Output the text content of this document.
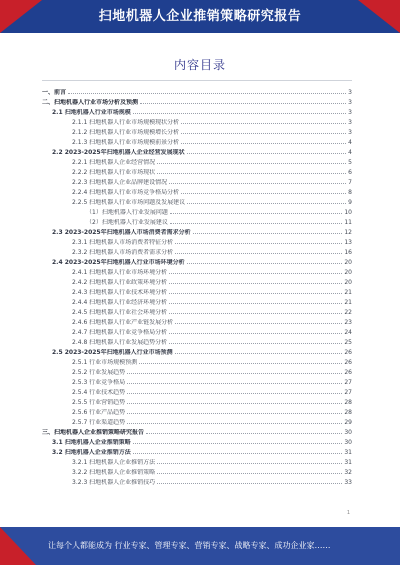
扫地机器人企业推销策略研究报告
内容目录
一、前言	3
二、扫地机器人行业市场分析及预测	3
2.1 扫地机器人行业市场规模	3
2.1.1 扫地机器人行业市场规模现状分析	3
2.1.2 扫地机器人行业市场规模增长分析	3
2.1.3 扫地机器人行业市场规模前景分析	4
2.2 2023-2025年扫地机器人企业经营发展现状	4
2.2.1 扫地机器人企业经营情况	5
2.2.2 扫地机器人行业市场现状	6
2.2.3 扫地机器人企业品牌建设情况	7
2.2.4 扫地机器人行业市场竞争格局分析	8
2.2.5 扫地机器人行业市场问题及发展建议	9
（1）扫地机器人行业发展问题	10
（2）扫地机器人行业发展建议	11
2.3 2023-2025年扫地机器人市场消费者需求分析	12
2.3.1 扫地机器人市场消费者特征分析	13
2.3.2 扫地机器人市场消费者需求分析	16
2.4 2023-2025年扫地机器人行业市场环境分析	20
2.4.1 扫地机器人行业市场环境分析	20
2.4.2 扫地机器人行业政策环境分析	20
2.4.3 扫地机器人行业技术环境分析	21
2.4.4 扫地机器人行业经济环境分析	21
2.4.5 扫地机器人行业社会环境分析	22
2.4.6 扫地机器人行业产业链发展分析	23
2.4.7 扫地机器人行业竞争格局分析	24
2.4.8 扫地机器人行业发展趋势分析	25
2.5 2023-2025年扫地机器人行业市场预测	26
2.5.1 行业市场规模预测	26
2.5.2 行业发展趋势	26
2.5.3 行业竞争格局	27
2.5.4 行业技术趋势	27
2.5.5 行业营销趋势	28
2.5.6 行业产品趋势	28
2.5.7 行业渠道趋势	29
三、扫地机器人企业推销策略研究报告	30
3.1 扫地机器人企业推销策略	30
3.2 扫地机器人企业推销方法	31
3.2.1 扫地机器人企业推销方法	31
3.2.2 扫地机器人企业推销策略	32
3.2.3 扫地机器人企业推销技巧	33
1
让每个人都能成为 行业专家、管理专家、营销专家、战略专家、成功企业家……
